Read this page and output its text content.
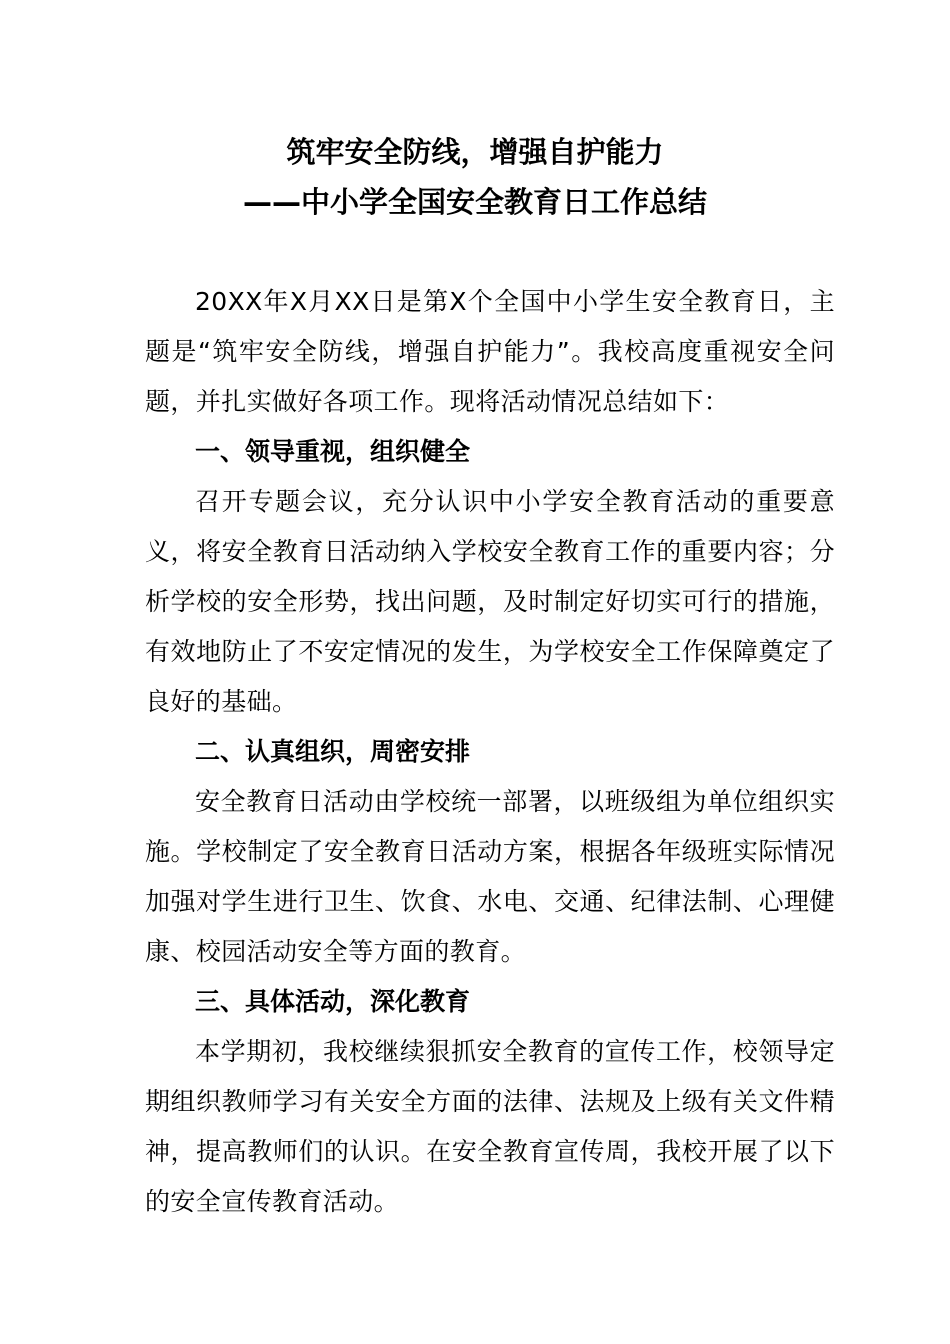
筑牢安全防线，增强自护能力
——中小学全国安全教育日工作总结

20XX年X月XX日是第X个全国中小学生安全教育日，主题是“筑牢安全防线，增强自护能力”。我校高度重视安全问题，并扎实做好各项工作。现将活动情况总结如下：

一、领导重视，组织健全

召开专题会议，充分认识中小学安全教育活动的重要意义，将安全教育日活动纳入学校安全教育工作的重要内容；分析学校的安全形势，找出问题，及时制定好切实可行的措施，有效地防止了不安定情况的发生，为学校安全工作保障奠定了良好的基础。

二、认真组织，周密安排

安全教育日活动由学校统一部署，以班级组为单位组织实施。学校制定了安全教育日活动方案，根据各年级班实际情况加强对学生进行卫生、饮食、水电、交通、纪律法制、心理健康、校园活动安全等方面的教育。

三、具体活动，深化教育

本学期初，我校继续狠抓安全教育的宣传工作，校领导定期组织教师学习有关安全方面的法律、法规及上级有关文件精神，提高教师们的认识。在安全教育宣传周，我校开展了以下的安全宣传教育活动。
